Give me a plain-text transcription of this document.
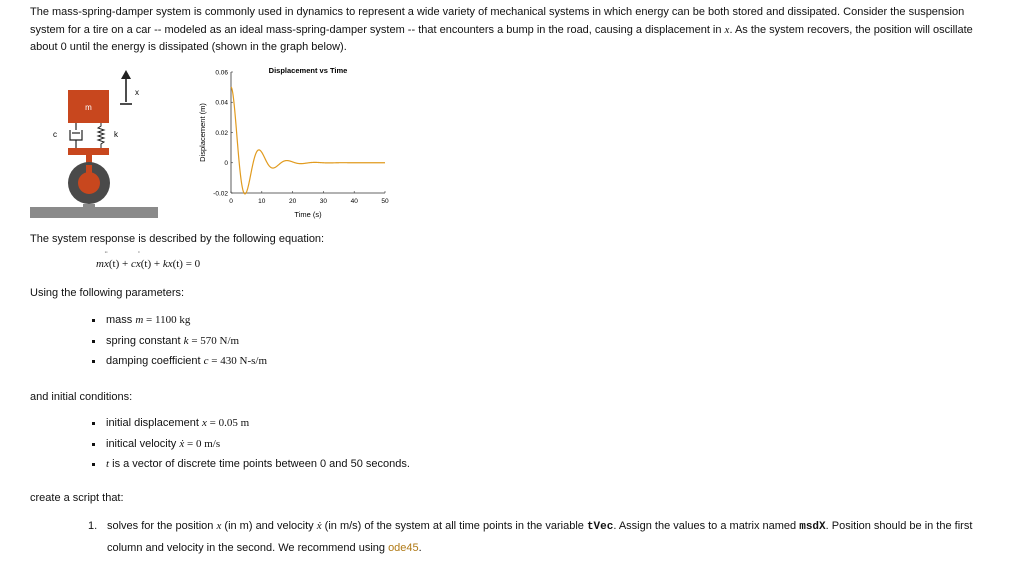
The mass-spring-damper system is commonly used in dynamics to represent a wide variety of mechanical systems in which energy can be both stored and dissipated. Consider the suspension system for a tire on a car -- modeled as an ideal mass-spring-damper system -- that encounters a bump in the road, causing a displacement in x. As the system recovers, the position will oscillate about 0 until the energy is dissipated (shown in the graph below).
x
m
c	k
Displacement vs Time
0	10	20	30	40	50
0.06
0.04
0.02
0
-0.02
Time (s)
Displacement (m)
The system response is described by the following equation:
mx
¨
(t) + cx
˙
(t) + kx(t) = 0
Using the following parameters:
mass m = 1100 kg
spring constant k = 570 N/m
damping coefficient c = 430 N-s/m
and initial conditions:
initial displacement x = 0.05 m
initical velocity ẋ = 0 m/s
t is a vector of discrete time points between 0 and 50 seconds.
create a script that:
1. solves for the position x (in m) and velocity ẋ (in m/s) of the system at all time points in the variable tVec. Assign the values to a matrix named msdX. Position should be in the first column and velocity in the second. We recommend using ode45.
